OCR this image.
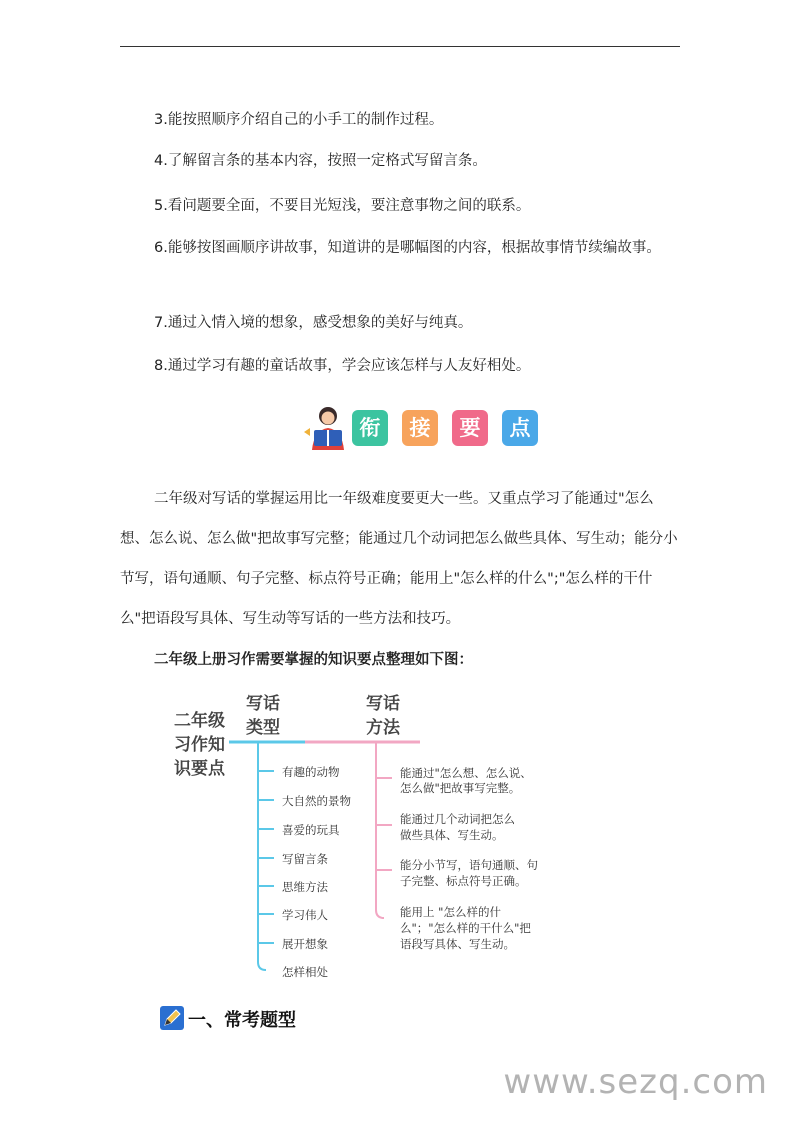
3.能按照顺序介绍自己的小手工的制作过程。
4.了解留言条的基本内容，按照一定格式写留言条。
5.看问题要全面，不要目光短浅，要注意事物之间的联系。
6.能够按图画顺序讲故事，知道讲的是哪幅图的内容，根据故事情节续编故事。
7.通过入情入境的想象，感受想象的美好与纯真。
8.通过学习有趣的童话故事，学会应该怎样与人友好相处。
衔	接	要	点
二年级对写话的掌握运用比一年级难度要更大一些。又重点学习了能通过"怎么想、怎么说、怎么做"把故事写完整；能通过几个动词把怎么做些具体、写生动；能分小节写，语句通顺、句子完整、标点符号正确；能用上"怎么样的什么";"怎么样的干什么"把语段写具体、写生动等写话的一些方法和技巧。
二年级上册习作需要掌握的知识要点整理如下图：
二年级
习作知
识要点
写话
类型
写话
方法
有趣的动物
大自然的景物
喜爱的玩具
写留言条
思维方法
学习伟人
展开想象
怎样相处
能通过"怎么想、怎么说、
怎么做"把故事写完整。
能通过几个动词把怎么
做些具体、写生动。
能分小节写，语句通顺、句
子完整、标点符号正确。
能用上 "怎么样的什
么"；"怎么样的干什么"把
语段写具体、写生动。
一、常考题型
www.sezq.com
